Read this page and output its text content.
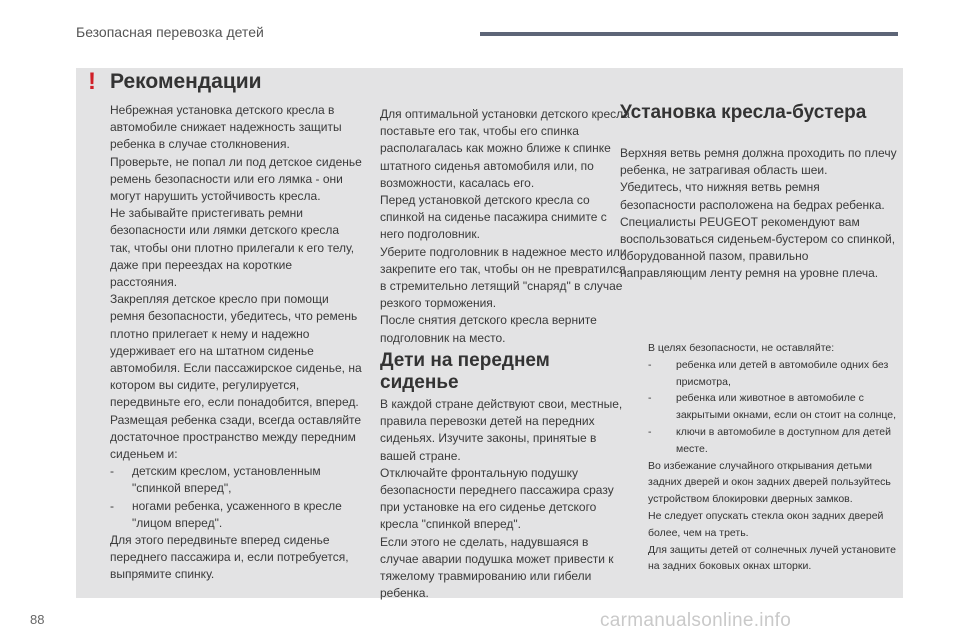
Безопасная перевозка детей
! Рекомендации

Небрежная установка детского кресла в автомобиле снижает надежность защиты ребенка в случае столкновения.

Проверьте, не попал ли под детское сиденье ремень безопасности или его лямка - они могут нарушить устойчивость кресла.

Не забывайте пристегивать ремни безопасности или лямки детского кресла так, чтобы они плотно прилегали к его телу, даже при переездах на короткие расстояния.

Закрепляя детское кресло при помощи ремня безопасности, убедитесь, что ремень плотно прилегает к нему и надежно удерживает его на штатном сиденье автомобиля. Если пассажирское сиденье, на котором вы сидите, регулируется, передвиньте его, если понадобится, вперед.

Размещая ребенка сзади, всегда оставляйте достаточное пространство между передним сиденьем и:

-	детским креслом, установленным "спинкой вперед",
-	ногами ребенка, усаженного в кресле "лицом вперед".

Для этого передвиньте вперед сиденье переднего пассажира и, если потребуется, выпрямите спинку.

Для оптимальной установки детского кресла поставьте его так, чтобы его спинка располагалась как можно ближе к спинке штатного сиденья автомобиля или, по возможности, касалась его.

Перед установкой детского кресла со спинкой на сиденье пасажира снимите с него подголовник.

Уберите подголовник в надежное место или закрепите его так, чтобы он не превратился в стремительно летящий "снаряд" в случае резкого торможения.

После снятия детского кресла верните подголовник на место.

Дети на переднем сиденье

В каждой стране действуют свои, местные, правила перевозки детей на передних сиденьях. Изучите законы, принятые в вашей стране.

Отключайте фронтальную подушку безопасности переднего пассажира сразу при установке на его сиденье детского кресла "спинкой вперед".

Если этого не сделать, надувшаяся в случае аварии подушка может привести к тяжелому травмированию или гибели ребенка.

Установка кресла-бустера

Верхняя ветвь ремня должна проходить по плечу ребенка, не затрагивая область шеи.

Убедитесь, что нижняя ветвь ремня безопасности расположена на бедрах ребенка.

Специалисты PEUGEOT рекомендуют вам воспользоваться сиденьем-бустером со спинкой, оборудованной пазом, правильно направляющим ленту ремня на уровне плеча.

В целях безопасности, не оставляйте:

-	ребенка или детей в автомобиле одних без присмотра,
-	ребенка или животное в автомобиле с закрытыми окнами, если он стоит на солнце,
-	ключи в автомобиле в доступном для детей месте.

Во избежание случайного открывания детьми задних дверей и окон задних дверей пользуйтесь устройством блокировки дверных замков.

Не следует опускать стекла окон задних дверей более, чем на треть.

Для защиты детей от солнечных лучей установите на задних боковых окнах шторки.

88	carmanualsonline.info
